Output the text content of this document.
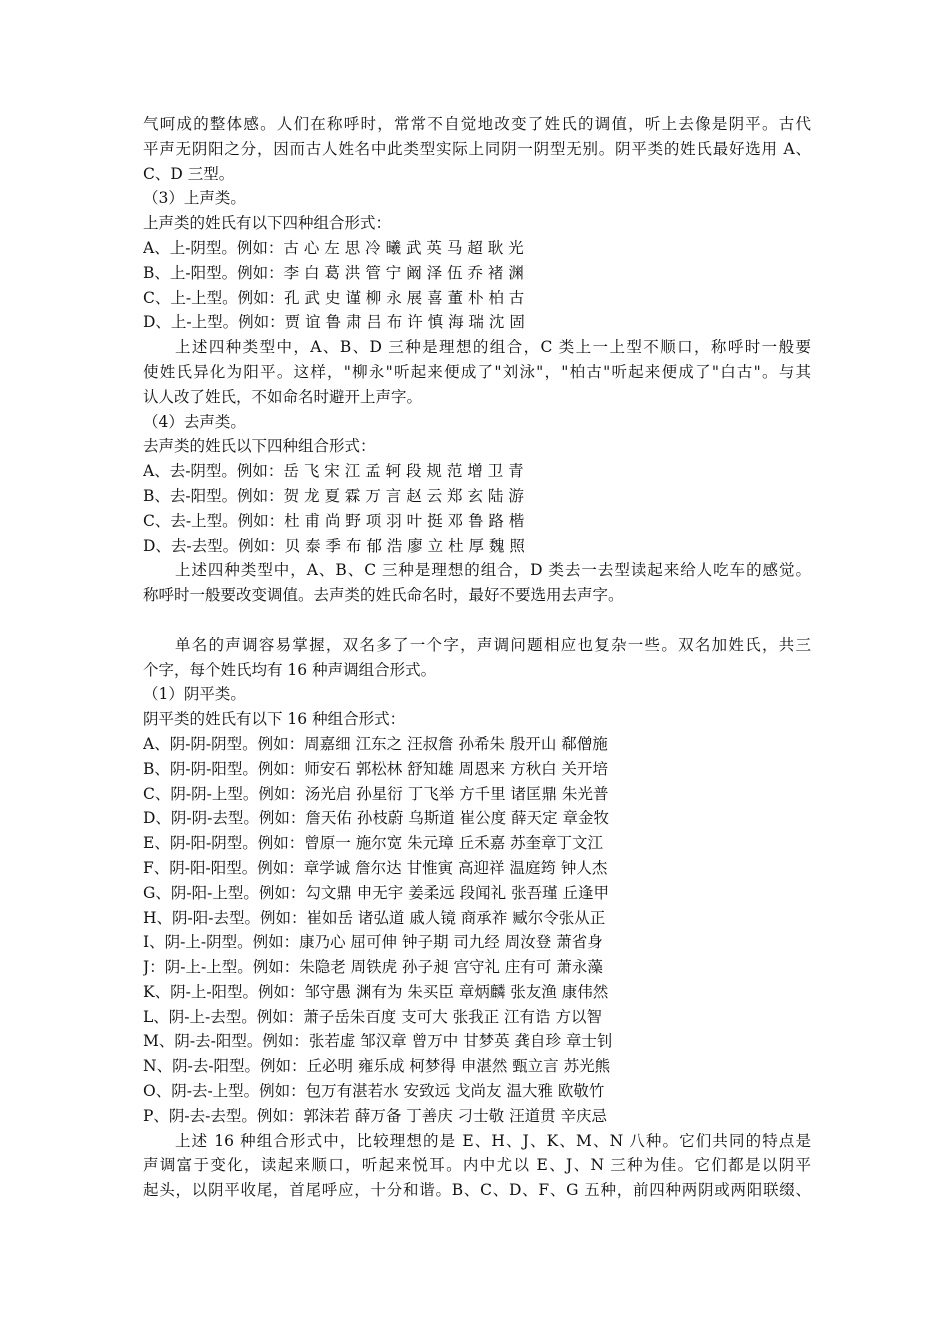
气呵成的整体感。人们在称呼时，常常不自觉地改变了姓氏的调值，听上去像是阴平。古代
平声无阴阳之分，因而古人姓名中此类型实际上同阴一阴型无别。阴平类的姓氏最好选用 A、
C、D 三型。
（3）上声类。
上声类的姓氏有以下四种组合形式：
A、上-阴型。例如：古 心 左 思 冷 曦 武 英 马 超 耿 光
B、上-阳型。例如：李 白 葛 洪 管 宁 阚 泽 伍 乔 褚 渊
C、上-上型。例如：孔 武 史 谨 柳 永 展 喜 董 朴 柏 古
D、上-上型。例如：贾 谊 鲁 肃 吕 布 许 慎 海 瑞 沈 固
上述四种类型中，A、B、D 三种是理想的组合，C 类上一上型不顺口，称呼时一般要
使姓氏异化为阳平。这样，"柳永"听起来便成了"刘泳"，"柏古"听起来便成了"白古"。与其
认人改了姓氏，不如命名时避开上声字。
（4）去声类。
去声类的姓氏以下四种组合形式：
A、去-阴型。例如：岳 飞 宋 江 孟 轲 段 规 范 增 卫 青
B、去-阳型。例如：贺 龙 夏 霖 万 言 赵 云 郑 玄 陆 游
C、去-上型。例如：杜 甫 尚 野 项 羽 叶 挺 邓 鲁 路 楷
D、去-去型。例如：贝 泰 季 布 郁 浩 廖 立 杜 厚 魏 照
上述四种类型中，A、B、C 三种是理想的组合，D 类去一去型读起来给人吃车的感觉。
称呼时一般要改变调值。去声类的姓氏命名时，最好不要选用去声字。
单名的声调容易掌握，双名多了一个字，声调问题相应也复杂一些。双名加姓氏，共三
个字，每个姓氏均有 16 种声调组合形式。
（1）阴平类。
阴平类的姓氏有以下 16 种组合形式：
A、阴-阴-阴型。例如：周嘉细 江东之 汪叔詹 孙希朱 殷开山 郗僧施
B、阴-阴-阳型。例如：师安石 郭松林 舒知雄 周恩来 方秋白 关开培
C、阴-阴-上型。例如：汤光启 孙星衍 丁飞举 方千里 诸匡鼎 朱光普
D、阴-阴-去型。例如：詹天佑 孙枝蔚 乌斯道 崔公度 薛天定 章金牧
E、阴-阳-阴型。例如：曾原一 施尔宽 朱元璋 丘禾嘉 苏奎章丁文江
F、阴-阳-阳型。例如：章学诚 詹尔达 甘惟寅 高迎祥 温庭筠 钟人杰
G、阴-阳-上型。例如：勾文鼎 申无宇 姜柔远 段闻礼 张吾瑾 丘逢甲
H、阴-阳-去型。例如：崔如岳 诸弘道 戚人镜 商承祚 臧尔令张从正
I、阴-上-阴型。例如：康乃心 屈可伸 钟子期 司九经 周汝登 萧省身
J：阴-上-上型。例如：朱隐老 周铁虎 孙子昶 宫守礼 庄有可 萧永藻
K、阴-上-阳型。例如：邹守愚 渊有为 朱买臣 章炳麟 张友渔 康伟然
L、阴-上-去型。例如：萧子岳朱百度 支可大 张我正 江有诰 方以智
M、阴-去-阳型。例如：张若虚 邹汉章 曾万中 甘梦英 龚自珍 章士钊
N、阴-去-阳型。例如：丘必明 雍乐成 柯梦得 申湛然 甄立言 苏光熊
O、阴-去-上型。例如：包万有湛若水 安致远 戈尚友 温大雅 欧敬竹
P、阴-去-去型。例如：郭沫若 薛万备 丁善庆 刁士敬 汪道贯 辛庆忌
上述 16 种组合形式中，比较理想的是 E、H、J、K、M、N 八种。它们共同的特点是
声调富于变化，读起来顺口，听起来悦耳。内中尤以 E、J、N 三种为佳。它们都是以阴平
起头，以阴平收尾，首尾呼应，十分和谐。B、C、D、F、G 五种，前四种两阴或两阳联缀、
